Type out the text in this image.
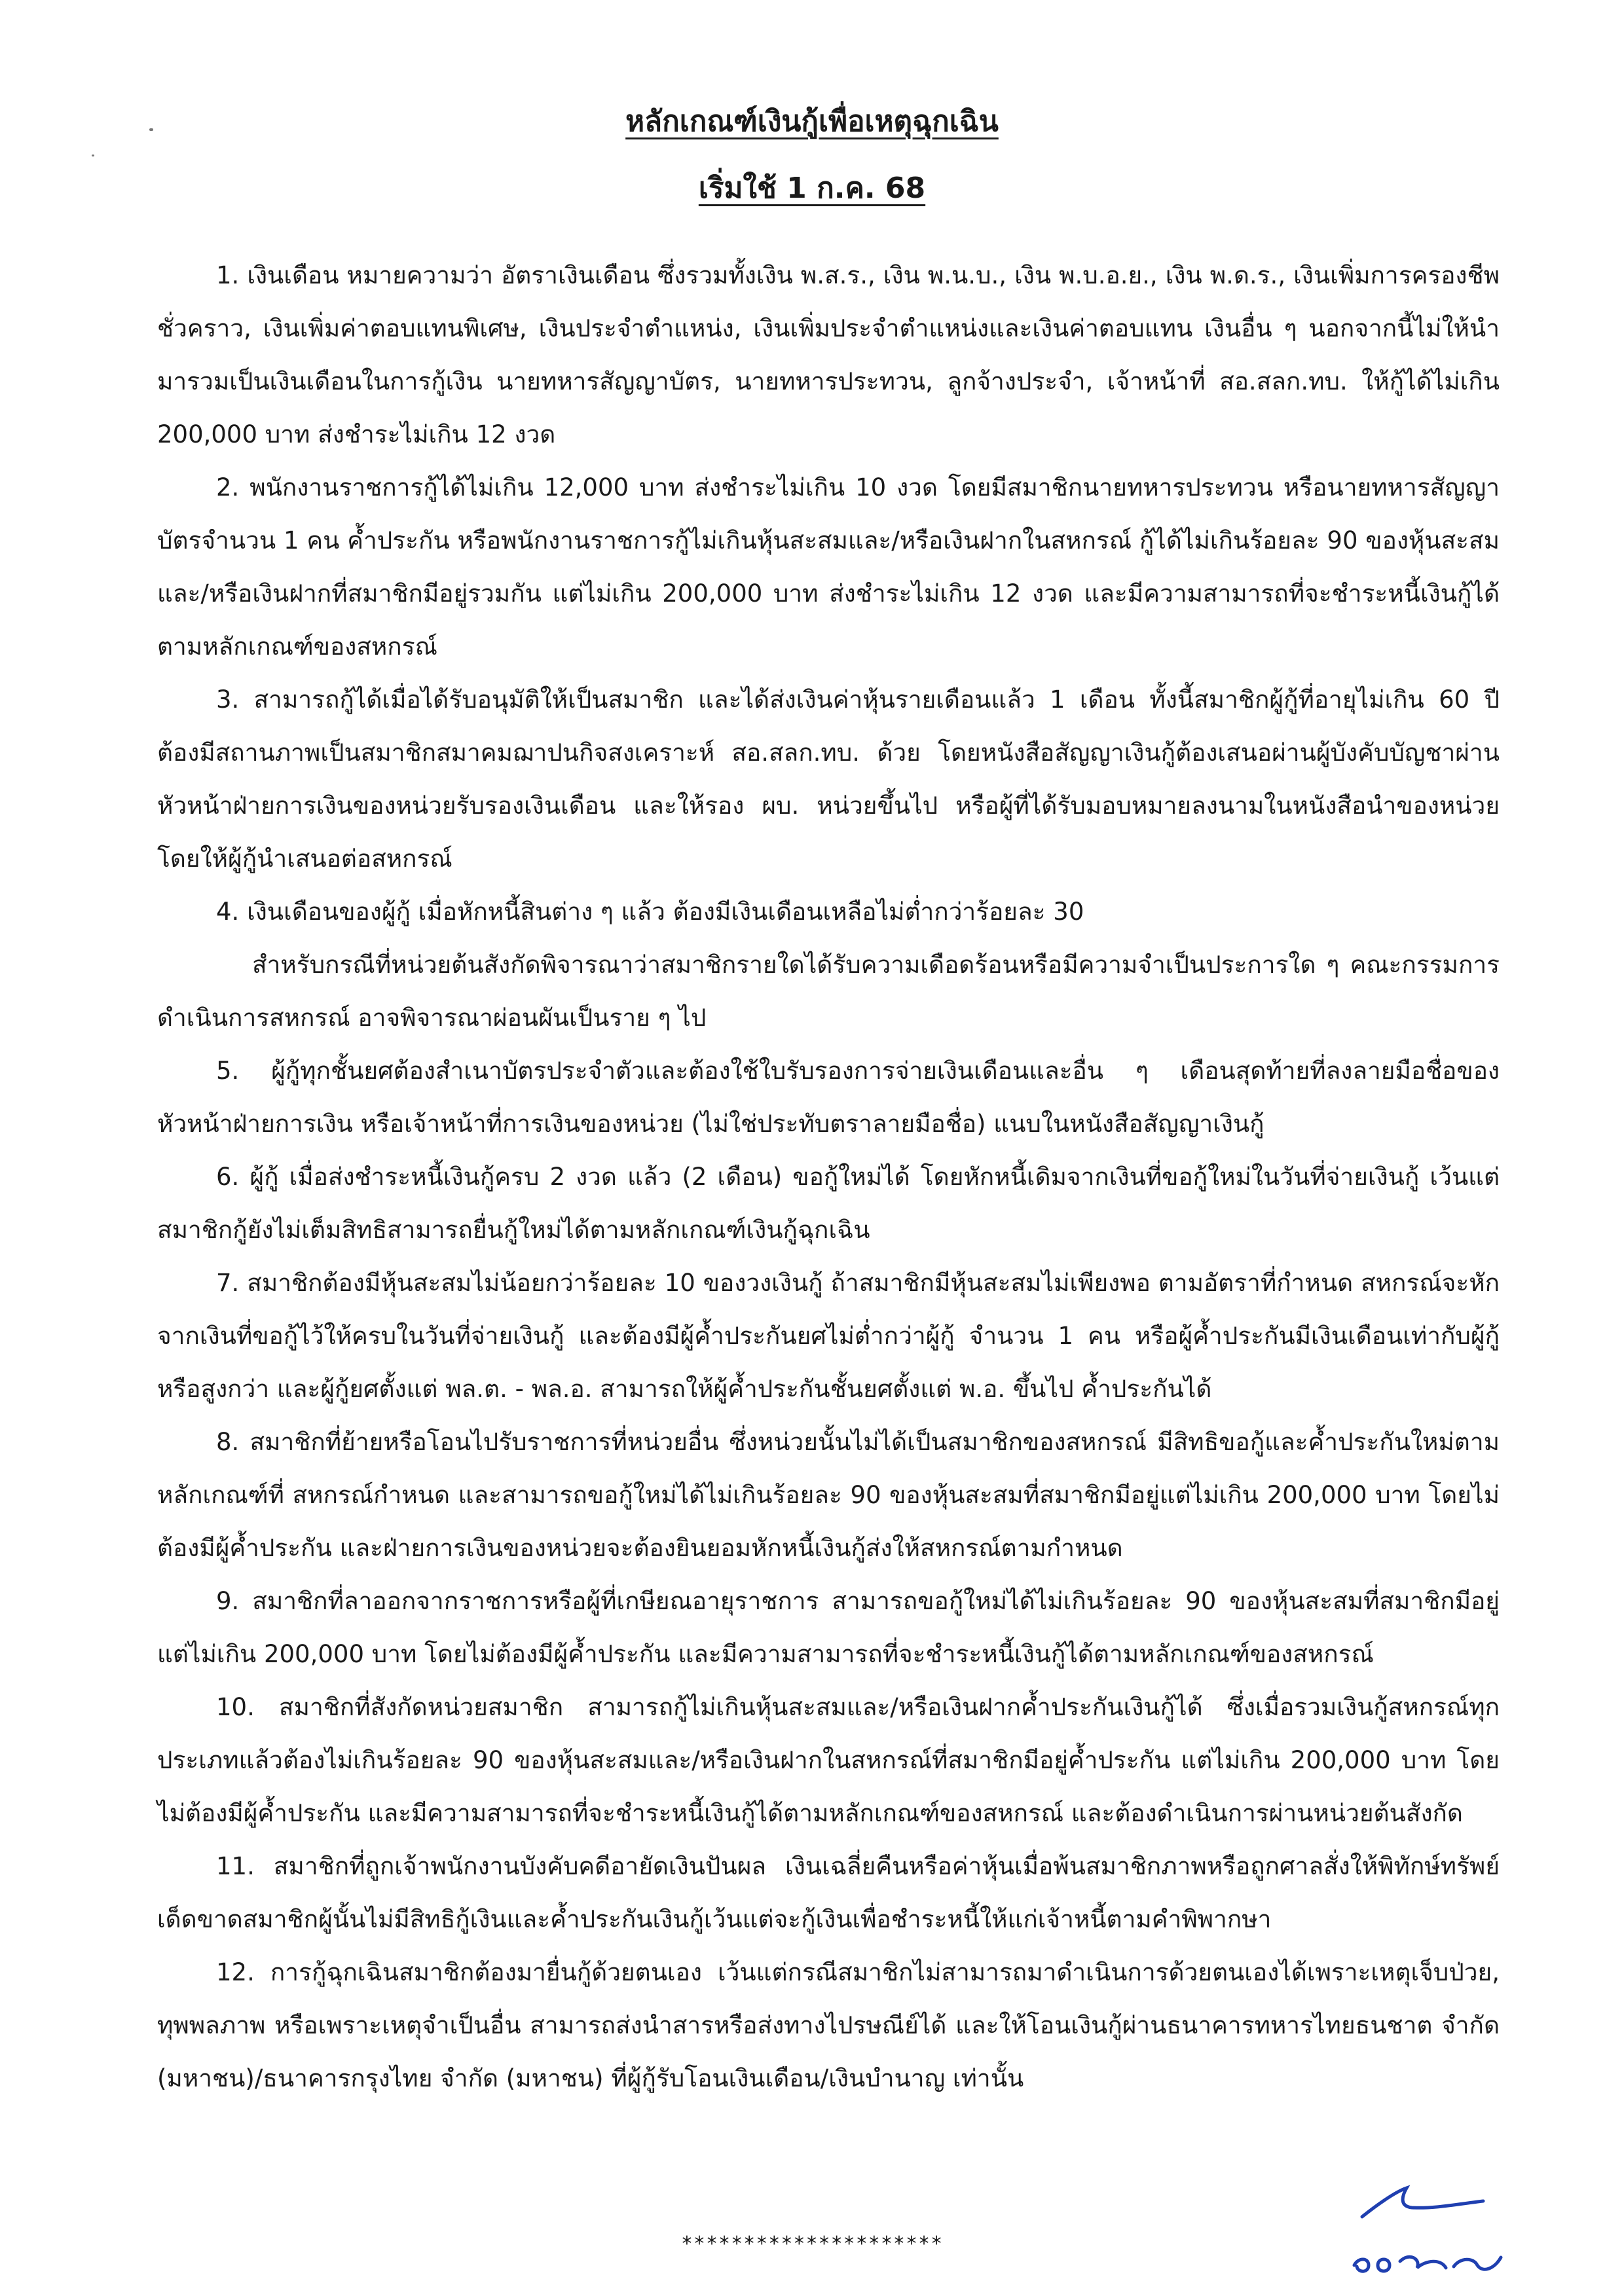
หลักเกณฑ์เงินกู้เพื่อเหตุฉุกเฉิน
เริ่มใช้ 1 ก.ค. 68

1. เงินเดือน หมายความว่า อัตราเงินเดือน ซึ่งรวมทั้งเงิน พ.ส.ร., เงิน พ.น.บ., เงิน พ.บ.อ.ย., เงิน พ.ด.ร., เงินเพิ่มการครองชีพชั่วคราว, เงินเพิ่มค่าตอบแทนพิเศษ, เงินประจำตำแหน่ง, เงินเพิ่มประจำตำแหน่งและเงินค่าตอบแทน เงินอื่น ๆ นอกจากนี้ไม่ให้นำมารวมเป็นเงินเดือนในการกู้เงิน นายทหารสัญญาบัตร, นายทหารประทวน, ลูกจ้างประจำ, เจ้าหน้าที่ สอ.สลก.ทบ. ให้กู้ได้ไม่เกิน 200,000 บาท ส่งชำระไม่เกิน 12 งวด

2. พนักงานราชการกู้ได้ไม่เกิน 12,000 บาท ส่งชำระไม่เกิน 10 งวด โดยมีสมาชิกนายทหารประทวน หรือนายทหารสัญญาบัตรจำนวน 1 คน ค้ำประกัน หรือพนักงานราชการกู้ไม่เกินหุ้นสะสมและ/หรือเงินฝากในสหกรณ์ กู้ได้ไม่เกินร้อยละ 90 ของหุ้นสะสมและ/หรือเงินฝากที่สมาชิกมีอยู่รวมกัน แต่ไม่เกิน 200,000 บาท ส่งชำระไม่เกิน 12 งวด และมีความสามารถที่จะชำระหนี้เงินกู้ได้ตามหลักเกณฑ์ของสหกรณ์

3. สามารถกู้ได้เมื่อได้รับอนุมัติให้เป็นสมาชิก และได้ส่งเงินค่าหุ้นรายเดือนแล้ว 1 เดือน ทั้งนี้สมาชิกผู้กู้ที่อายุไม่เกิน 60 ปี ต้องมีสถานภาพเป็นสมาชิกสมาคมฌาปนกิจสงเคราะห์ สอ.สลก.ทบ. ด้วย โดยหนังสือสัญญาเงินกู้ต้องเสนอผ่านผู้บังคับบัญชาผ่านหัวหน้าฝ่ายการเงินของหน่วยรับรองเงินเดือน และให้รอง ผบ. หน่วยขึ้นไป หรือผู้ที่ได้รับมอบหมายลงนามในหนังสือนำของหน่วยโดยให้ผู้กู้นำเสนอต่อสหกรณ์

4. เงินเดือนของผู้กู้ เมื่อหักหนี้สินต่าง ๆ แล้ว ต้องมีเงินเดือนเหลือไม่ต่ำกว่าร้อยละ 30

สำหรับกรณีที่หน่วยต้นสังกัดพิจารณาว่าสมาชิกรายใดได้รับความเดือดร้อนหรือมีความจำเป็นประการใด ๆ คณะกรรมการดำเนินการสหกรณ์ อาจพิจารณาผ่อนผันเป็นราย ๆ ไป

5. ผู้กู้ทุกชั้นยศต้องสำเนาบัตรประจำตัวและต้องใช้ใบรับรองการจ่ายเงินเดือนและอื่น ๆ เดือนสุดท้ายที่ลงลายมือชื่อของหัวหน้าฝ่ายการเงิน หรือเจ้าหน้าที่การเงินของหน่วย (ไม่ใช่ประทับตราลายมือชื่อ) แนบในหนังสือสัญญาเงินกู้

6. ผู้กู้ เมื่อส่งชำระหนี้เงินกู้ครบ 2 งวด แล้ว (2 เดือน) ขอกู้ใหม่ได้ โดยหักหนี้เดิมจากเงินที่ขอกู้ใหม่ในวันที่จ่ายเงินกู้ เว้นแต่ สมาชิกกู้ยังไม่เต็มสิทธิสามารถยื่นกู้ใหม่ได้ตามหลักเกณฑ์เงินกู้ฉุกเฉิน

7. สมาชิกต้องมีหุ้นสะสมไม่น้อยกว่าร้อยละ 10 ของวงเงินกู้ ถ้าสมาชิกมีหุ้นสะสมไม่เพียงพอ ตามอัตราที่กำหนด สหกรณ์จะหักจากเงินที่ขอกู้ไว้ให้ครบในวันที่จ่ายเงินกู้ และต้องมีผู้ค้ำประกันยศไม่ต่ำกว่าผู้กู้ จำนวน 1 คน หรือผู้ค้ำประกันมีเงินเดือนเท่ากับผู้กู้หรือสูงกว่า และผู้กู้ยศตั้งแต่ พล.ต. - พล.อ. สามารถให้ผู้ค้ำประกันชั้นยศตั้งแต่ พ.อ. ขึ้นไป ค้ำประกันได้

8. สมาชิกที่ย้ายหรือโอนไปรับราชการที่หน่วยอื่น ซึ่งหน่วยนั้นไม่ได้เป็นสมาชิกของสหกรณ์ มีสิทธิขอกู้และค้ำประกันใหม่ตามหลักเกณฑ์ที่ สหกรณ์กำหนด และสามารถขอกู้ใหม่ได้ไม่เกินร้อยละ 90 ของหุ้นสะสมที่สมาชิกมีอยู่แต่ไม่เกิน 200,000 บาท โดยไม่ต้องมีผู้ค้ำประกัน และฝ่ายการเงินของหน่วยจะต้องยินยอมหักหนี้เงินกู้ส่งให้สหกรณ์ตามกำหนด

9. สมาชิกที่ลาออกจากราชการหรือผู้ที่เกษียณอายุราชการ สามารถขอกู้ใหม่ได้ไม่เกินร้อยละ 90 ของหุ้นสะสมที่สมาชิกมีอยู่แต่ไม่เกิน 200,000 บาท โดยไม่ต้องมีผู้ค้ำประกัน และมีความสามารถที่จะชำระหนี้เงินกู้ได้ตามหลักเกณฑ์ของสหกรณ์

10. สมาชิกที่สังกัดหน่วยสมาชิก สามารถกู้ไม่เกินหุ้นสะสมและ/หรือเงินฝากค้ำประกันเงินกู้ได้ ซึ่งเมื่อรวมเงินกู้สหกรณ์ทุกประเภทแล้วต้องไม่เกินร้อยละ 90 ของหุ้นสะสมและ/หรือเงินฝากในสหกรณ์ที่สมาชิกมีอยู่ค้ำประกัน แต่ไม่เกิน 200,000 บาท โดยไม่ต้องมีผู้ค้ำประกัน และมีความสามารถที่จะชำระหนี้เงินกู้ได้ตามหลักเกณฑ์ของสหกรณ์ และต้องดำเนินการผ่านหน่วยต้นสังกัด

11. สมาชิกที่ถูกเจ้าพนักงานบังคับคดีอายัดเงินปันผล เงินเฉลี่ยคืนหรือค่าหุ้นเมื่อพ้นสมาชิกภาพหรือถูกศาลสั่งให้พิทักษ์ทรัพย์เด็ดขาดสมาชิกผู้นั้นไม่มีสิทธิกู้เงินและค้ำประกันเงินกู้เว้นแต่จะกู้เงินเพื่อชำระหนี้ให้แก่เจ้าหนี้ตามคำพิพากษา

12. การกู้ฉุกเฉินสมาชิกต้องมายื่นกู้ด้วยตนเอง เว้นแต่กรณีสมาชิกไม่สามารถมาดำเนินการด้วยตนเองได้เพราะเหตุเจ็บป่วย, ทุพพลภาพ หรือเพราะเหตุจำเป็นอื่น สามารถส่งนำสารหรือส่งทางไปรษณีย์ได้ และให้โอนเงินกู้ผ่านธนาคารทหารไทยธนชาต จำกัด (มหาชน)/ธนาคารกรุงไทย จำกัด (มหาชน) ที่ผู้กู้รับโอนเงินเดือน/เงินบำนาญ เท่านั้น

*********************
